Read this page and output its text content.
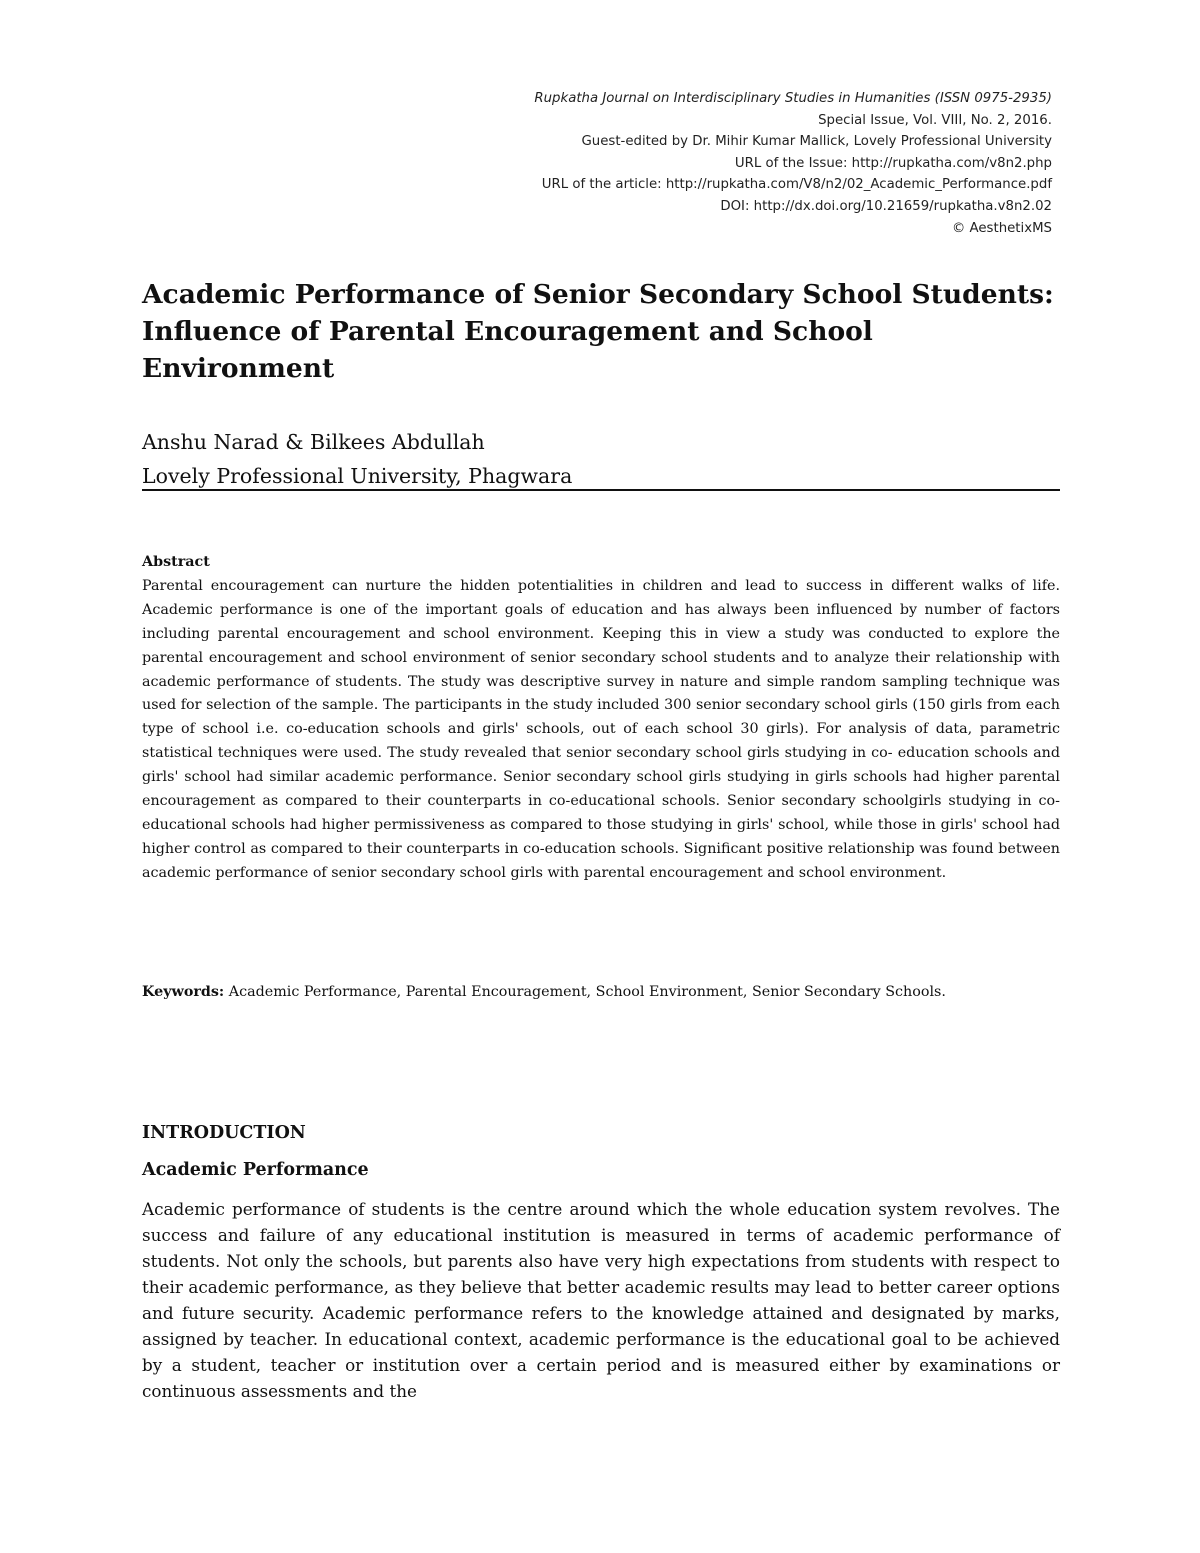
Rupkatha Journal on Interdisciplinary Studies in Humanities (ISSN 0975-2935)
Special Issue, Vol. VIII, No. 2, 2016.
Guest-edited by Dr. Mihir Kumar Mallick, Lovely Professional University
URL of the Issue: http://rupkatha.com/v8n2.php
URL of the article: http://rupkatha.com/V8/n2/02_Academic_Performance.pdf
DOI: http://dx.doi.org/10.21659/rupkatha.v8n2.02
© AesthetixMS
Academic Performance of Senior Secondary School Students: Influence of Parental Encouragement and School Environment
Anshu Narad & Bilkees Abdullah
Lovely Professional University, Phagwara
Abstract

Parental encouragement can nurture the hidden potentialities in children and lead to success in different walks of life. Academic performance is one of the important goals of education and has always been influenced by number of factors including parental encouragement and school environment. Keeping this in view a study was conducted to explore the parental encouragement and school environment of senior secondary school students and to analyze their relationship with academic performance of students. The study was descriptive survey in nature and simple random sampling technique was used for selection of the sample. The participants in the study included 300 senior secondary school girls (150 girls from each type of school i.e. co-education schools and girls' schools, out of each school 30 girls). For analysis of data, parametric statistical techniques were used. The study revealed that senior secondary school girls studying in co- education schools and girls' school had similar academic performance. Senior secondary school girls studying in girls schools had higher parental encouragement as compared to their counterparts in co-educational schools. Senior secondary schoolgirls studying in co-educational schools had higher permissiveness as compared to those studying in girls' school, while those in girls' school had higher control as compared to their counterparts in co-education schools. Significant positive relationship was found between academic performance of senior secondary school girls with parental encouragement and school environment.

Keywords: Academic Performance, Parental Encouragement, School Environment, Senior Secondary Schools.
INTRODUCTION
Academic Performance

Academic performance of students is the centre around which the whole education system revolves. The success and failure of any educational institution is measured in terms of academic performance of students. Not only the schools, but parents also have very high expectations from students with respect to their academic performance, as they believe that better academic results may lead to better career options and future security. Academic performance refers to the knowledge attained and designated by marks, assigned by teacher. In educational context, academic performance is the educational goal to be achieved by a student, teacher or institution over a certain period and is measured either by examinations or continuous assessments and the
